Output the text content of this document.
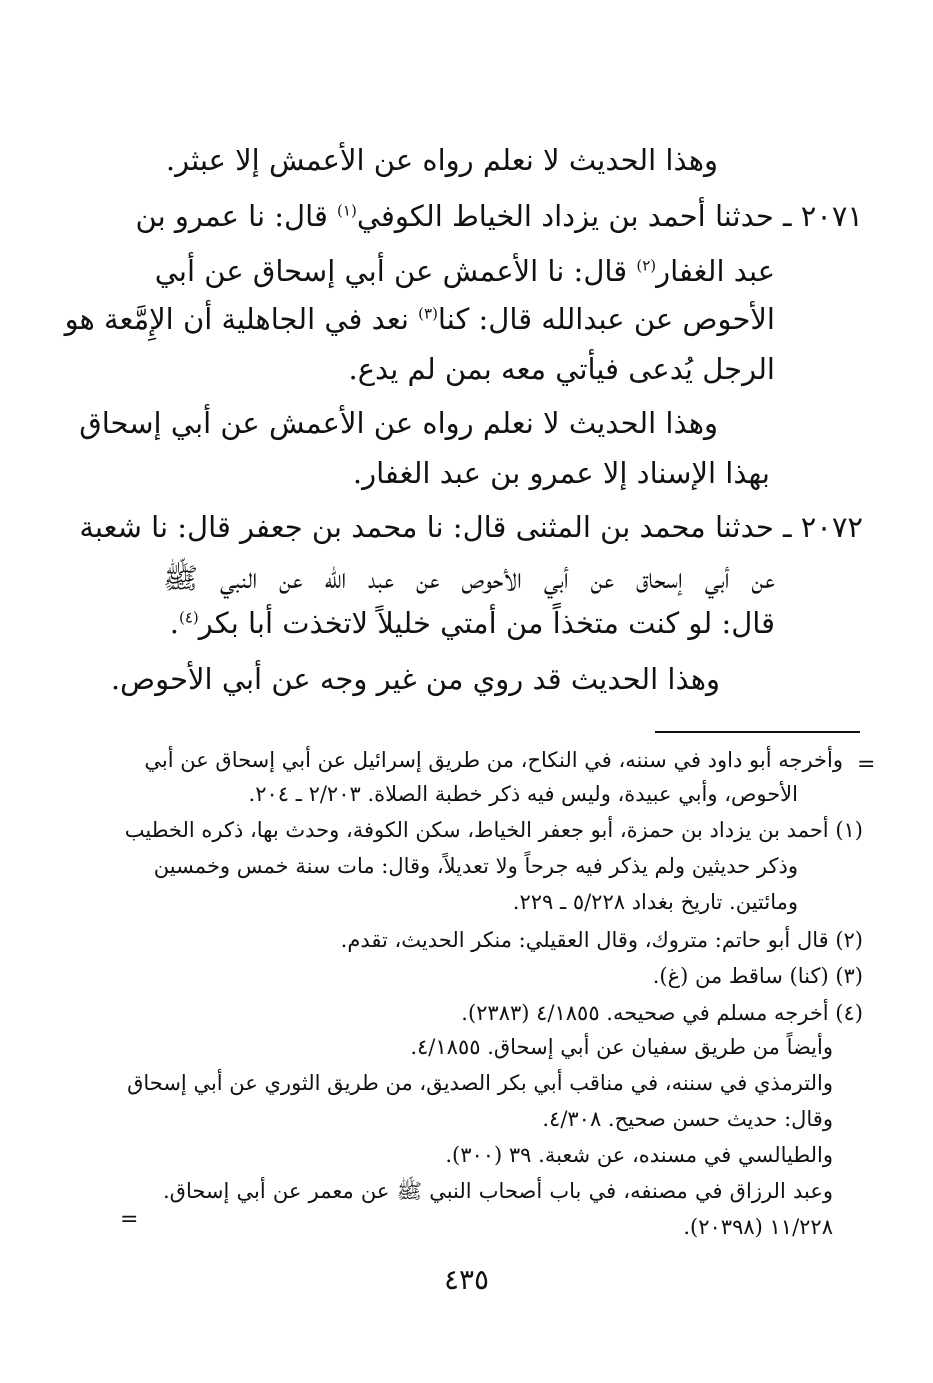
وهذا الحديث لا نعلم رواه عن الأعمش إلا عبثر.
٢٠٧١ ـ حدثنا أحمد بن يزداد الخياط الكوفي$^{(١)}$ قال: نا عمرو بن
عبد الغفار$^{(٢)}$ قال: نا الأعمش عن أبي إسحاق عن أبي
الأحوص عن عبدالله قال: كنا$^{(٣)}$ نعد في الجاهلية أن الإِمَّعة هو
الرجل يُدعى فيأتي معه بمن لم يدع.
وهذا الحديث لا نعلم رواه عن الأعمش عن أبي إسحاق
بهذا الإسناد إلا عمرو بن عبد الغفار.
٢٠٧٢ ـ حدثنا محمد بن المثنى قال: نا محمد بن جعفر قال: نا شعبة
عن أبي إسحاق عن أبي الأحوص عن عبد الله عن النبي ﷺ
قال: لو كنت متخذاً من أمتي خليلاً لاتخذت أبا بكر$^{(٤)}$.
وهذا الحديث قد روي من غير وجه عن أبي الأحوص.
=
وأخرجه أبو داود في سننه، في النكاح، من طريق إسرائيل عن أبي إسحاق عن أبي
الأحوص، وأبي عبيدة، وليس فيه ذكر خطبة الصلاة. ٢/٢٠٣ ـ ٢٠٤.
(١) أحمد بن يزداد بن حمزة، أبو جعفر الخياط، سكن الكوفة، وحدث بها، ذكره الخطيب
وذكر حديثين ولم يذكر فيه جرحاً ولا تعديلاً، وقال: مات سنة خمس وخمسين
ومائتين. تاريخ بغداد ٥/٢٢٨ ـ ٢٢٩.
(٢) قال أبو حاتم: متروك، وقال العقيلي: منكر الحديث، تقدم.
(٣) (كنا) ساقط من (غ).
(٤) أخرجه مسلم في صحيحه. ٤/١٨٥٥ (٢٣٨٣).
وأيضاً من طريق سفيان عن أبي إسحاق. ٤/١٨٥٥.
والترمذي في سننه، في مناقب أبي بكر الصديق، من طريق الثوري عن أبي إسحاق
وقال: حديث حسن صحيح. ٤/٣٠٨.
والطيالسي في مسنده، عن شعبة. ٣٩ (٣٠٠).
وعبد الرزاق في مصنفه، في باب أصحاب النبي ﷺ عن معمر عن أبي إسحاق.
١١/٢٢٨ (٢٠٣٩٨).
=
٤٣٥
